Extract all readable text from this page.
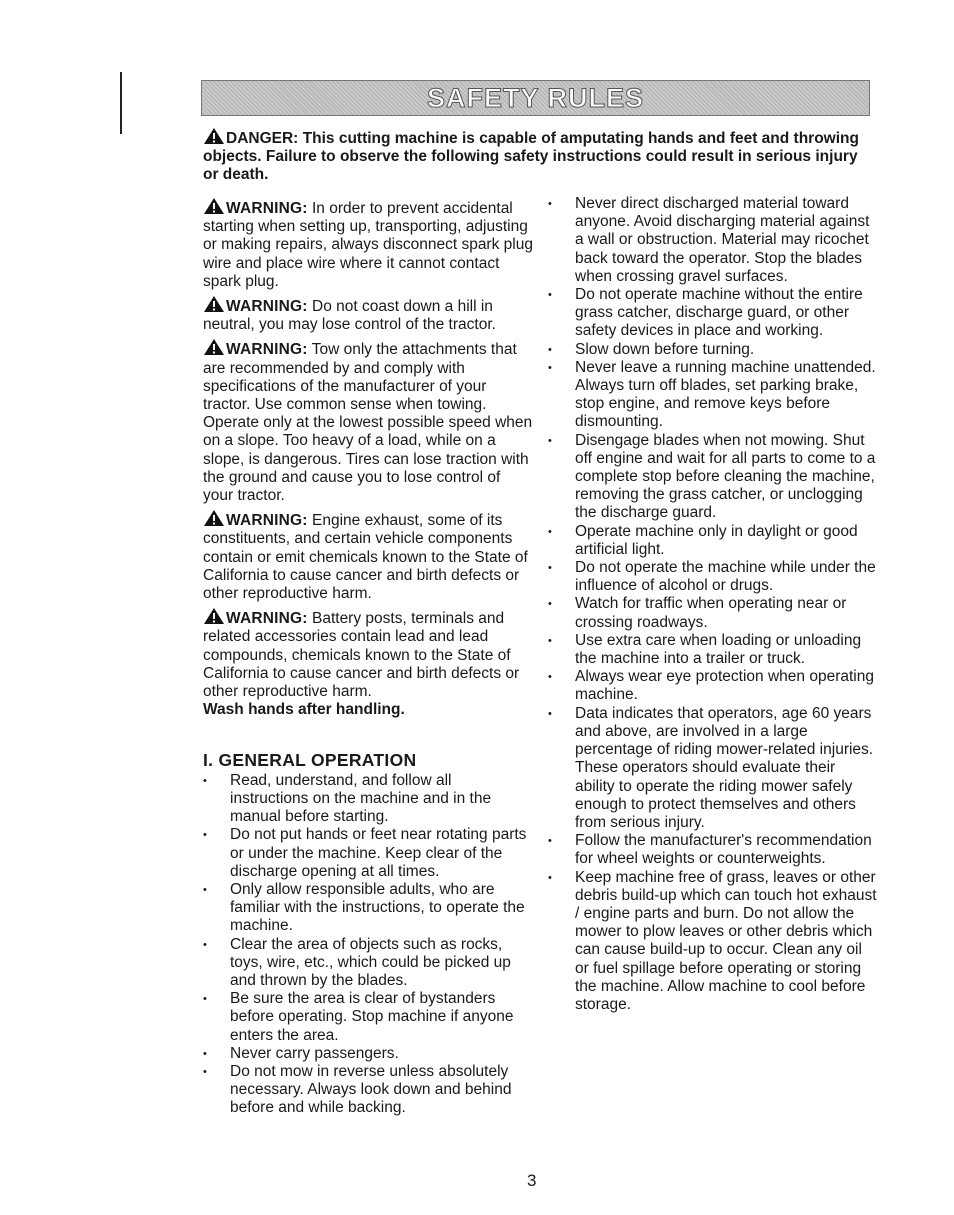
SAFETY RULES
DANGER: This cutting machine is capable of amputating hands and feet and throwing objects. Failure to observe the following safety instructions could result in serious injury or death.

WARNING: In order to prevent accidental starting when setting up, transporting, adjusting or making repairs, always disconnect spark plug wire and place wire where it cannot contact spark plug.

WARNING: Do not coast down a hill in neutral, you may lose control of the tractor.

WARNING: Tow only the attachments that are recommended by and comply with specifications of the manufacturer of your tractor. Use common sense when towing. Operate only at the lowest possible speed when on a slope. Too heavy of a load, while on a slope, is dangerous. Tires can lose traction with the ground and cause you to lose control of your tractor.

WARNING: Engine exhaust, some of its constituents, and certain vehicle components contain or emit chemicals known to the State of California to cause cancer and birth defects or other reproductive harm.

WARNING: Battery posts, terminals and related accessories contain lead and lead compounds, chemicals known to the State of California to cause cancer and birth defects or other reproductive harm.
Wash hands after handling.

I. GENERAL OPERATION
• Read, understand, and follow all instructions on the machine and in the manual before starting.
• Do not put hands or feet near rotating parts or under the machine. Keep clear of the discharge opening at all times.
• Only allow responsible adults, who are familiar with the instructions, to operate the machine.
• Clear the area of objects such as rocks, toys, wire, etc., which could be picked up and thrown by the blades.
• Be sure the area is clear of bystanders before operating. Stop machine if anyone enters the area.
• Never carry passengers.
• Do not mow in reverse unless absolutely necessary. Always look down and behind before and while backing.
• Never direct discharged material toward anyone. Avoid discharging material against a wall or obstruction. Material may ricochet back toward the operator. Stop the blades when crossing gravel surfaces.
• Do not operate machine without the entire grass catcher, discharge guard, or other safety devices in place and working.
• Slow down before turning.
• Never leave a running machine unattended. Always turn off blades, set parking brake, stop engine, and remove keys before dismounting.
• Disengage blades when not mowing. Shut off engine and wait for all parts to come to a complete stop before cleaning the machine, removing the grass catcher, or unclogging the discharge guard.
• Operate machine only in daylight or good artificial light.
• Do not operate the machine while under the influence of alcohol or drugs.
• Watch for traffic when operating near or crossing roadways.
• Use extra care when loading or unloading the machine into a trailer or truck.
• Always wear eye protection when operating machine.
• Data indicates that operators, age 60 years and above, are involved in a large percentage of riding mower-related injuries. These operators should evaluate their ability to operate the riding mower safely enough to protect themselves and others from serious injury.
• Follow the manufacturer's recommendation for wheel weights or counterweights.
• Keep machine free of grass, leaves or other debris build-up which can touch hot exhaust / engine parts and burn. Do not allow the mower to plow leaves or other debris which can cause build-up to occur. Clean any oil or fuel spillage before operating or storing the machine. Allow machine to cool before storage.
3
